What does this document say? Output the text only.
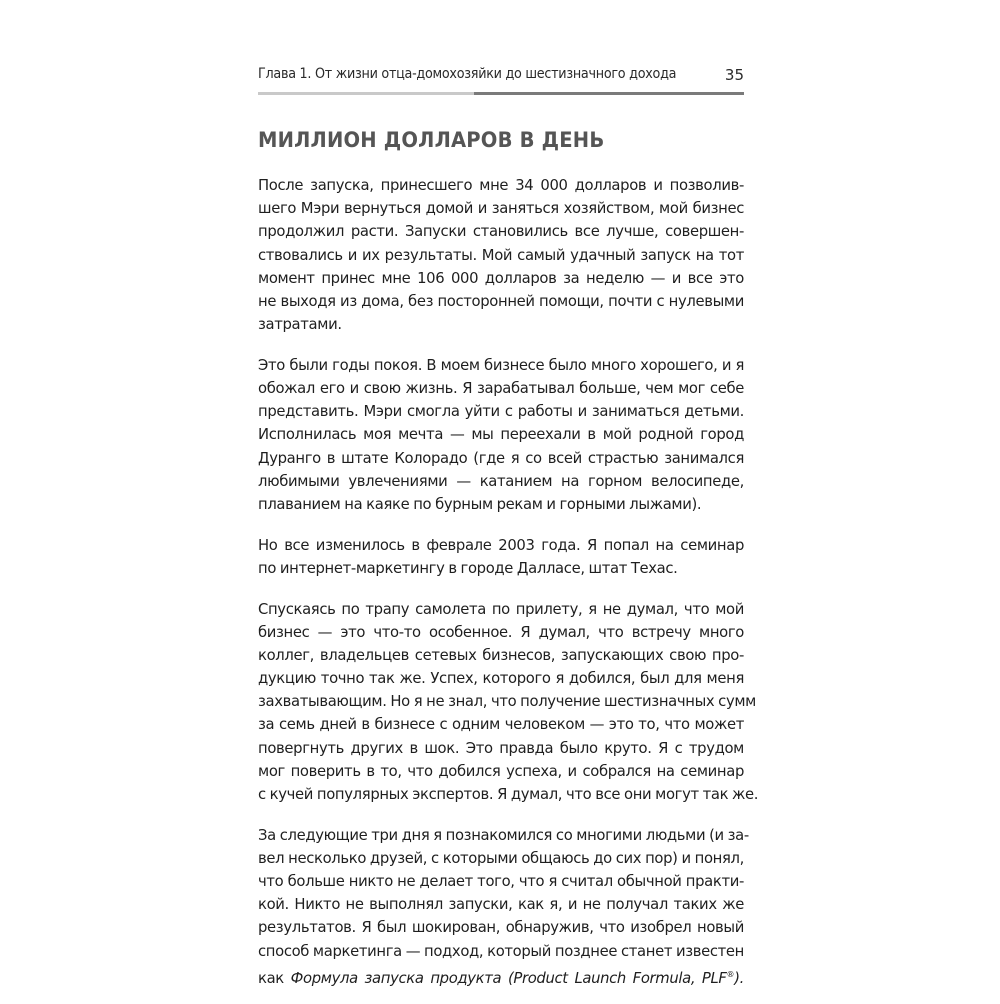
Глава 1. От жизни отца-домохозяйки до шестизначного дохода	35
МИЛЛИОН ДОЛЛАРОВ В ДЕНЬ
После запуска, принесшего мне 34 000 долларов и позволив-
шего Мэри вернуться домой и заняться хозяйством, мой бизнес
продолжил расти. Запуски становились все лучше, совершен-
ствовались и их результаты. Мой самый удачный запуск на тот
момент принес мне 106 000 долларов за неделю — и все это
не выходя из дома, без посторонней помощи, почти с нулевыми
затратами.
Это были годы покоя. В моем бизнесе было много хорошего, и я
обожал его и свою жизнь. Я зарабатывал больше, чем мог себе
представить. Мэри смогла уйти с работы и заниматься детьми.
Исполнилась моя мечта — мы переехали в мой родной город
Дуранго в штате Колорадо (где я со всей страстью занимался
любимыми увлечениями — катанием на горном велосипеде,
плаванием на каяке по бурным рекам и горными лыжами).
Но все изменилось в феврале 2003 года. Я попал на семинар
по интернет-маркетингу в городе Далласе, штат Техас.
Спускаясь по трапу самолета по прилету, я не думал, что мой
бизнес — это что-то особенное. Я думал, что встречу много
коллег, владельцев сетевых бизнесов, запускающих свою про-
дукцию точно так же. Успех, которого я добился, был для меня
захватывающим. Но я не знал, что получение шестизначных сумм
за семь дней в бизнесе с одним человеком — это то, что может
повергнуть других в шок. Это правда было круто. Я с трудом
мог поверить в то, что добился успеха, и собрался на семинар
с кучей популярных экспертов. Я думал, что все они могут так же.
За следующие три дня я познакомился со многими людьми (и за-
вел несколько друзей, с которыми общаюсь до сих пор) и понял,
что больше никто не делает того, что я считал обычной практи-
кой. Никто не выполнял запуски, как я, и не получал таких же
результатов. Я был шокирован, обнаружив, что изобрел новый
способ маркетинга — подход, который позднее станет известен
как Формула запуска продукта (Product Launch Formula, PLF®).
